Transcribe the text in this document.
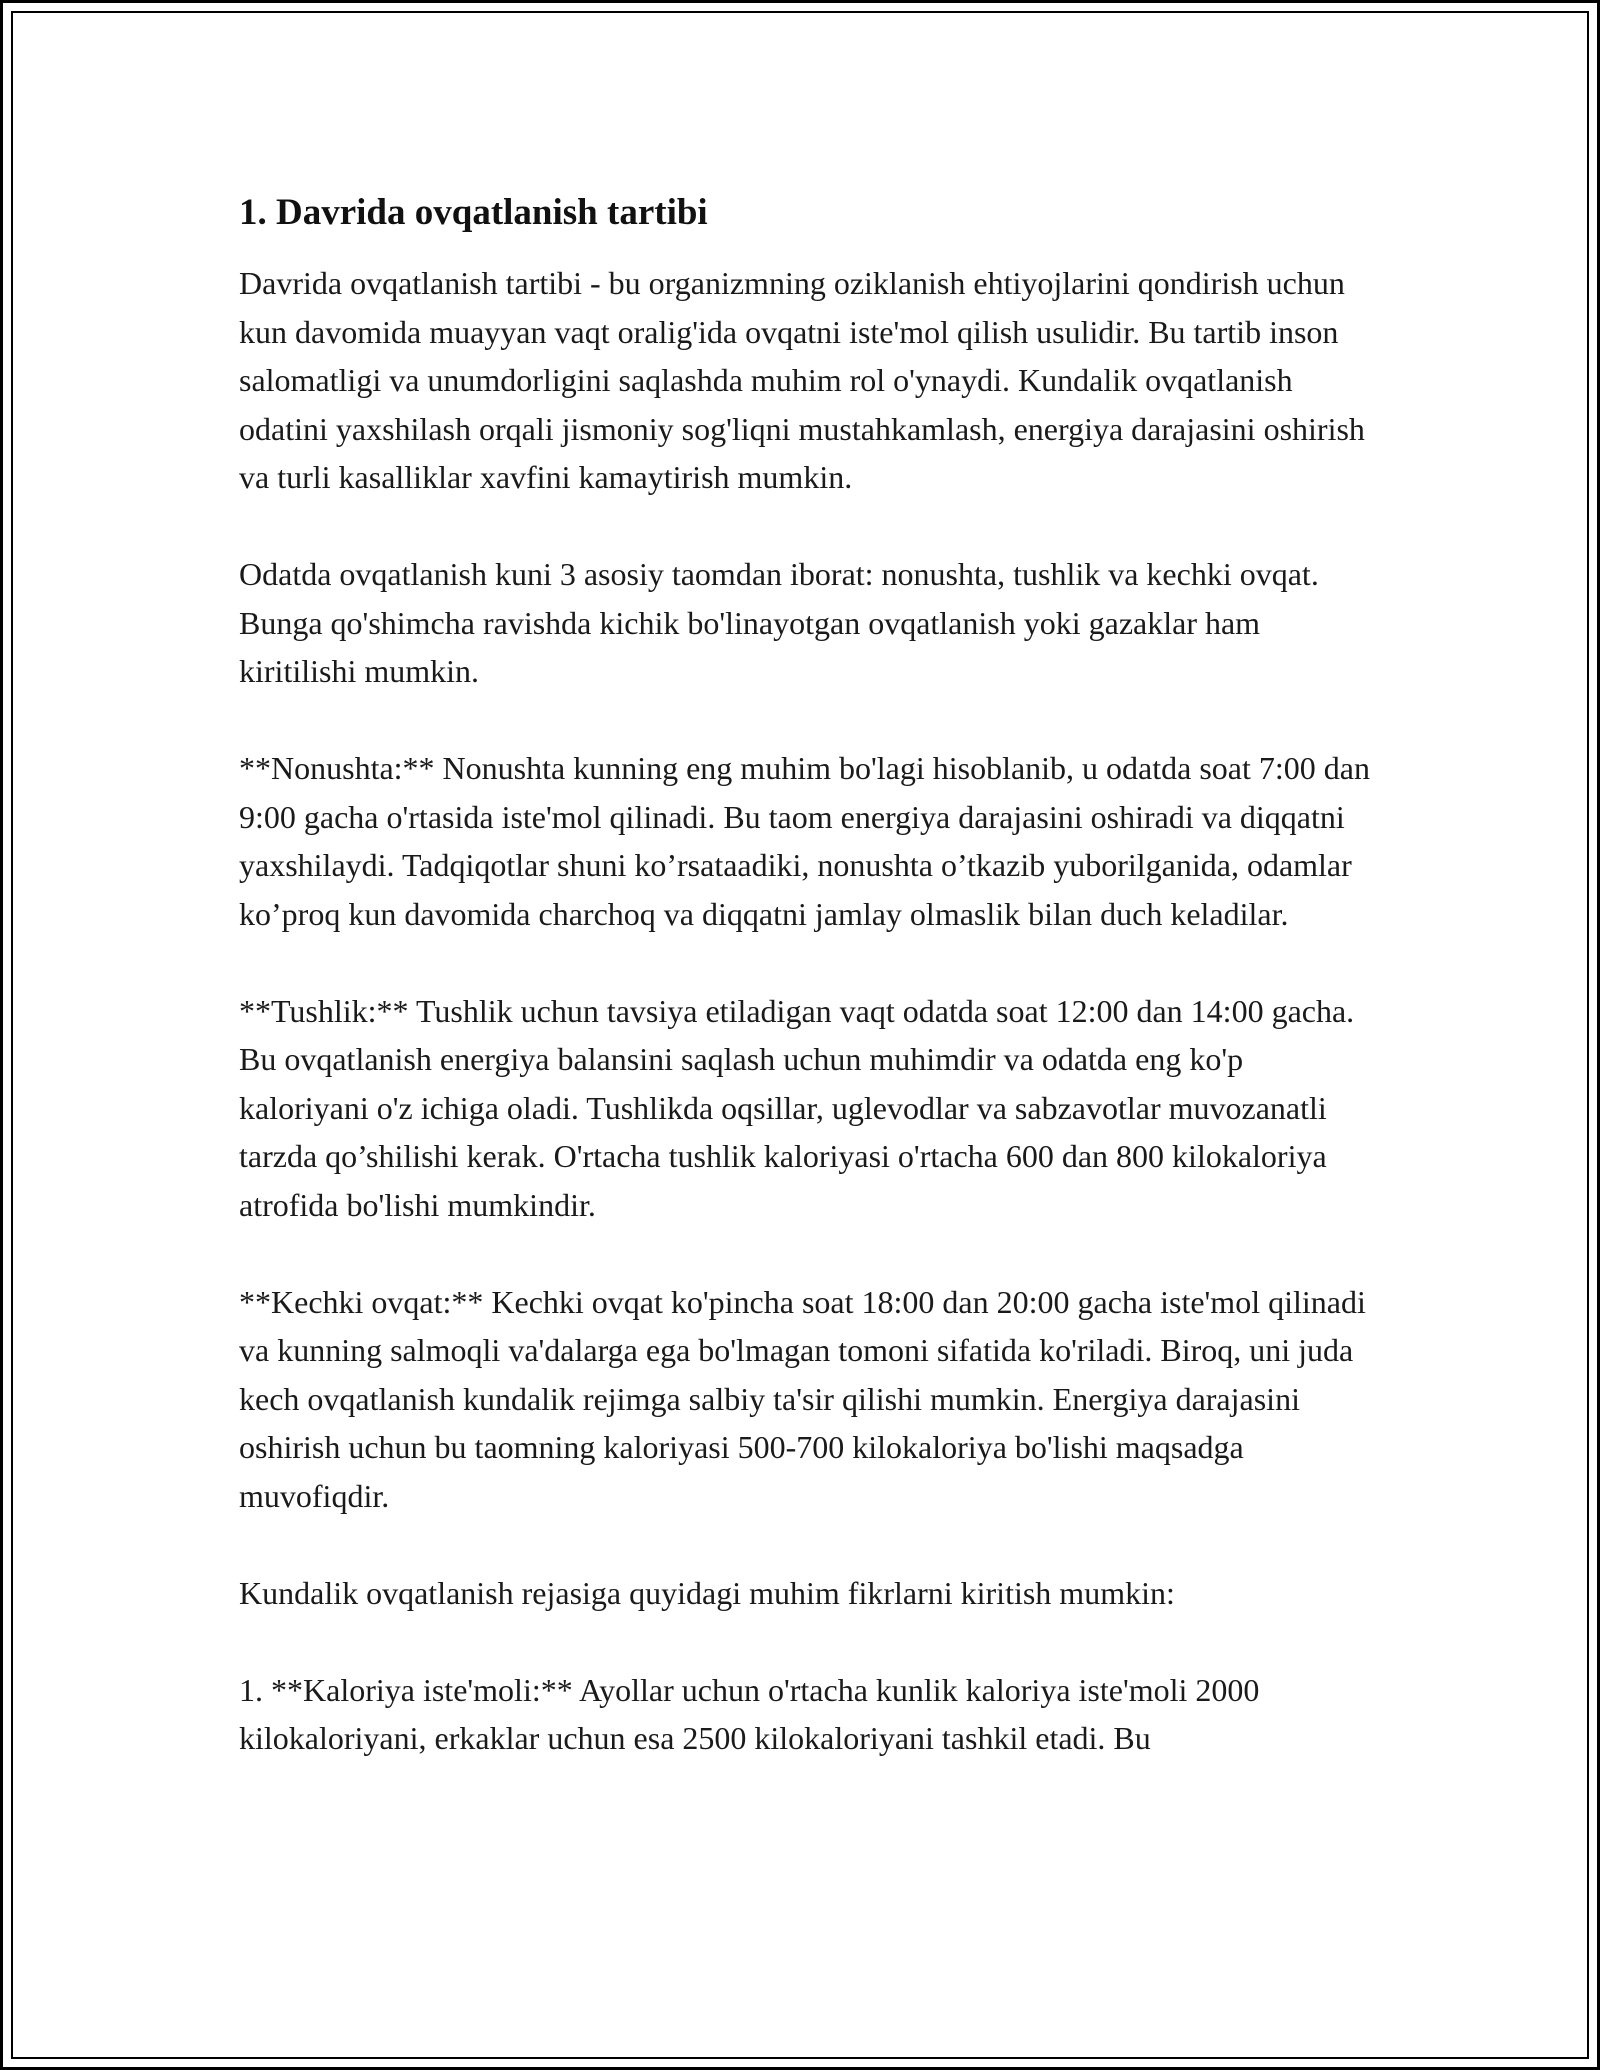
1. Davrida ovqatlanish tartibi

Davrida ovqatlanish tartibi - bu organizmning oziklanish ehtiyojlarini qondirish uchun kun davomida muayyan vaqt oralig'ida ovqatni iste'mol qilish usulidir. Bu tartib inson salomatligi va unumdorligini saqlashda muhim rol o'ynaydi. Kundalik ovqatlanish odatini yaxshilash orqali jismoniy sog'liqni mustahkamlash, energiya darajasini oshirish va turli kasalliklar xavfini kamaytirish mumkin.

Odatda ovqatlanish kuni 3 asosiy taomdan iborat: nonushta, tushlik va kechki ovqat. Bunga qo'shimcha ravishda kichik bo'linayotgan ovqatlanish yoki gazaklar ham kiritilishi mumkin.

**Nonushta:** Nonushta kunning eng muhim bo'lagi hisoblanib, u odatda soat 7:00 dan 9:00 gacha o'rtasida iste'mol qilinadi. Bu taom energiya darajasini oshiradi va diqqatni yaxshilaydi. Tadqiqotlar shuni ko’rsataadiki, nonushta o’tkazib yuborilganida, odamlar ko’proq kun davomida charchoq va diqqatni jamlay olmaslik bilan duch keladilar.

**Tushlik:** Tushlik uchun tavsiya etiladigan vaqt odatda soat 12:00 dan 14:00 gacha. Bu ovqatlanish energiya balansini saqlash uchun muhimdir va odatda eng ko'p kaloriyani o'z ichiga oladi. Tushlikda oqsillar, uglevodlar va sabzavotlar muvozanatli tarzda qo’shilishi kerak. O'rtacha tushlik kaloriyasi o'rtacha 600 dan 800 kilokaloriya atrofida bo'lishi mumkindir.

**Kechki ovqat:** Kechki ovqat ko'pincha soat 18:00 dan 20:00 gacha iste'mol qilinadi va kunning salmoqli va'dalarga ega bo'lmagan tomoni sifatida ko'riladi. Biroq, uni juda kech ovqatlanish kundalik rejimga salbiy ta'sir qilishi mumkin. Energiya darajasini oshirish uchun bu taomning kaloriyasi 500-700 kilokaloriya bo'lishi maqsadga muvofiqdir.

Kundalik ovqatlanish rejasiga quyidagi muhim fikrlarni kiritish mumkin:

1. **Kaloriya iste'moli:** Ayollar uchun o'rtacha kunlik kaloriya iste'moli 2000 kilokaloriyani, erkaklar uchun esa 2500 kilokaloriyani tashkil etadi. Bu
